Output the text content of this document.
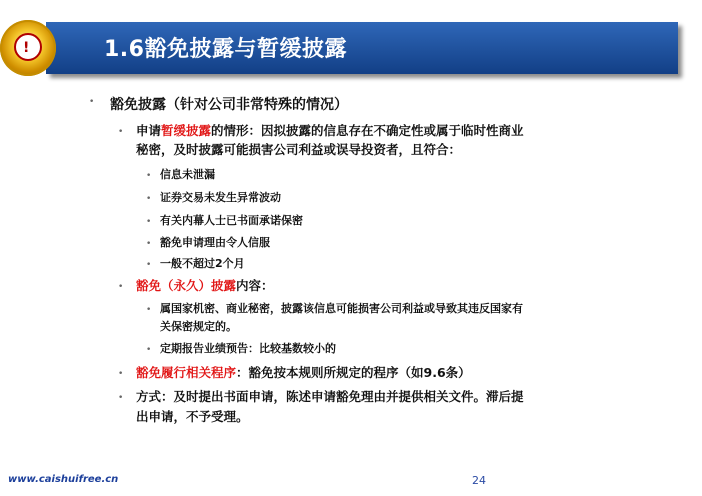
1.6豁免披露与暂缓披露
!
• 豁免披露（针对公司非常特殊的情况）
• 申请暂缓披露的情形：因拟披露的信息存在不确定性或属于临时性商业
秘密，及时披露可能损害公司利益或误导投资者，且符合：
• 信息未泄漏
• 证券交易未发生异常波动
• 有关内幕人士已书面承诺保密
• 豁免申请理由令人信服
• 一般不超过2个月
• 豁免（永久）披露内容：
• 属国家机密、商业秘密，披露该信息可能损害公司利益或导致其违反国家有
关保密规定的。
• 定期报告业绩预告：比较基数较小的
• 豁免履行相关程序：豁免按本规则所规定的程序（如9.6条）
• 方式：及时提出书面申请，陈述申请豁免理由并提供相关文件。滞后提
出申请，不予受理。
www.caishuifree.cn	24
